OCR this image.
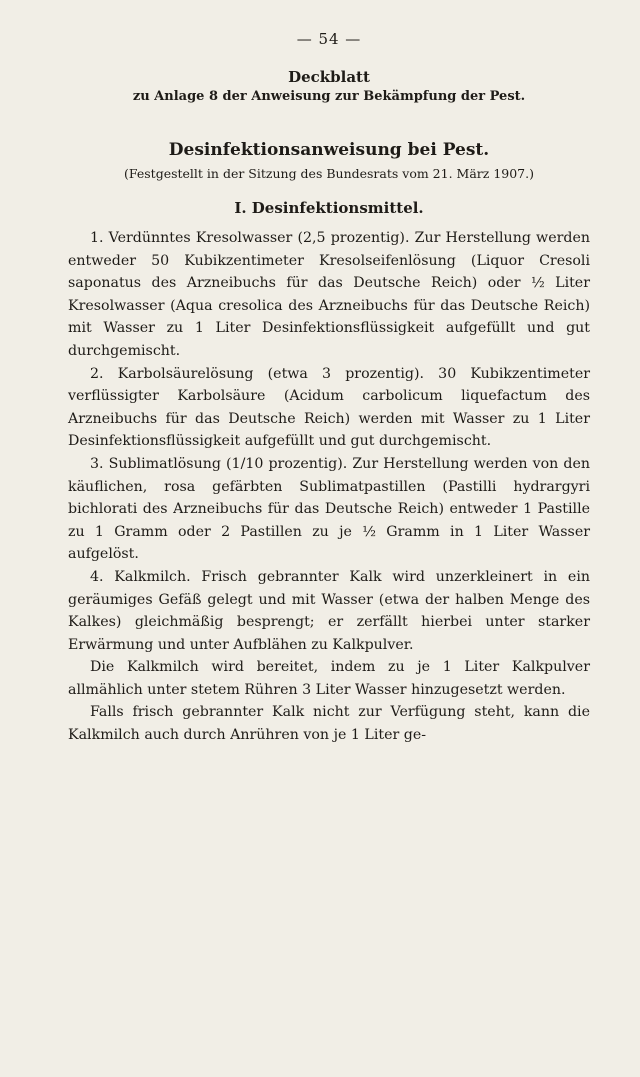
— 54 —
Deckblatt
zu Anlage 8 der Anweisung zur Bekämpfung der Pest.
Desinfektionsanweisung bei Pest.
(Festgestellt in der Sitzung des Bundesrats vom 21. März 1907.)
I. Desinfektionsmittel.

1. Verdünntes Kresolwasser (2,5 prozentig). Zur Herstellung werden entweder 50 Kubikzentimeter Kresolseifenlösung (Liquor Cresoli saponatus des Arzneibuchs für das Deutsche Reich) oder ½ Liter Kresolwasser (Aqua cresolica des Arzneibuchs für das Deutsche Reich) mit Wasser zu 1 Liter Desinfektionsflüssigkeit aufgefüllt und gut durchgemischt.

2. Karbolsäurelösung (etwa 3 prozentig). 30 Kubikzentimeter verflüssigter Karbolsäure (Acidum carbolicum liquefactum des Arzneibuchs für das Deutsche Reich) werden mit Wasser zu 1 Liter Desinfektionsflüssigkeit aufgefüllt und gut durchgemischt.

3. Sublimatlösung (1/10 prozentig). Zur Herstellung werden von den käuflichen, rosa gefärbten Sublimatpastillen (Pastilli hydrargyri bichlorati des Arzneibuchs für das Deutsche Reich) entweder 1 Pastille zu 1 Gramm oder 2 Pastillen zu je ½ Gramm in 1 Liter Wasser aufgelöst.

4. Kalkmilch. Frisch gebrannter Kalk wird unzerkleinert in ein geräumiges Gefäß gelegt und mit Wasser (etwa der halben Menge des Kalkes) gleichmäßig besprengt; er zerfällt hierbei unter starker Erwärmung und unter Aufblähen zu Kalkpulver.

Die Kalkmilch wird bereitet, indem zu je 1 Liter Kalkpulver allmählich unter stetem Rühren 3 Liter Wasser hinzugesetzt werden.

Falls frisch gebrannter Kalk nicht zur Verfügung steht, kann die Kalkmilch auch durch Anrühren von je 1 Liter ge-
